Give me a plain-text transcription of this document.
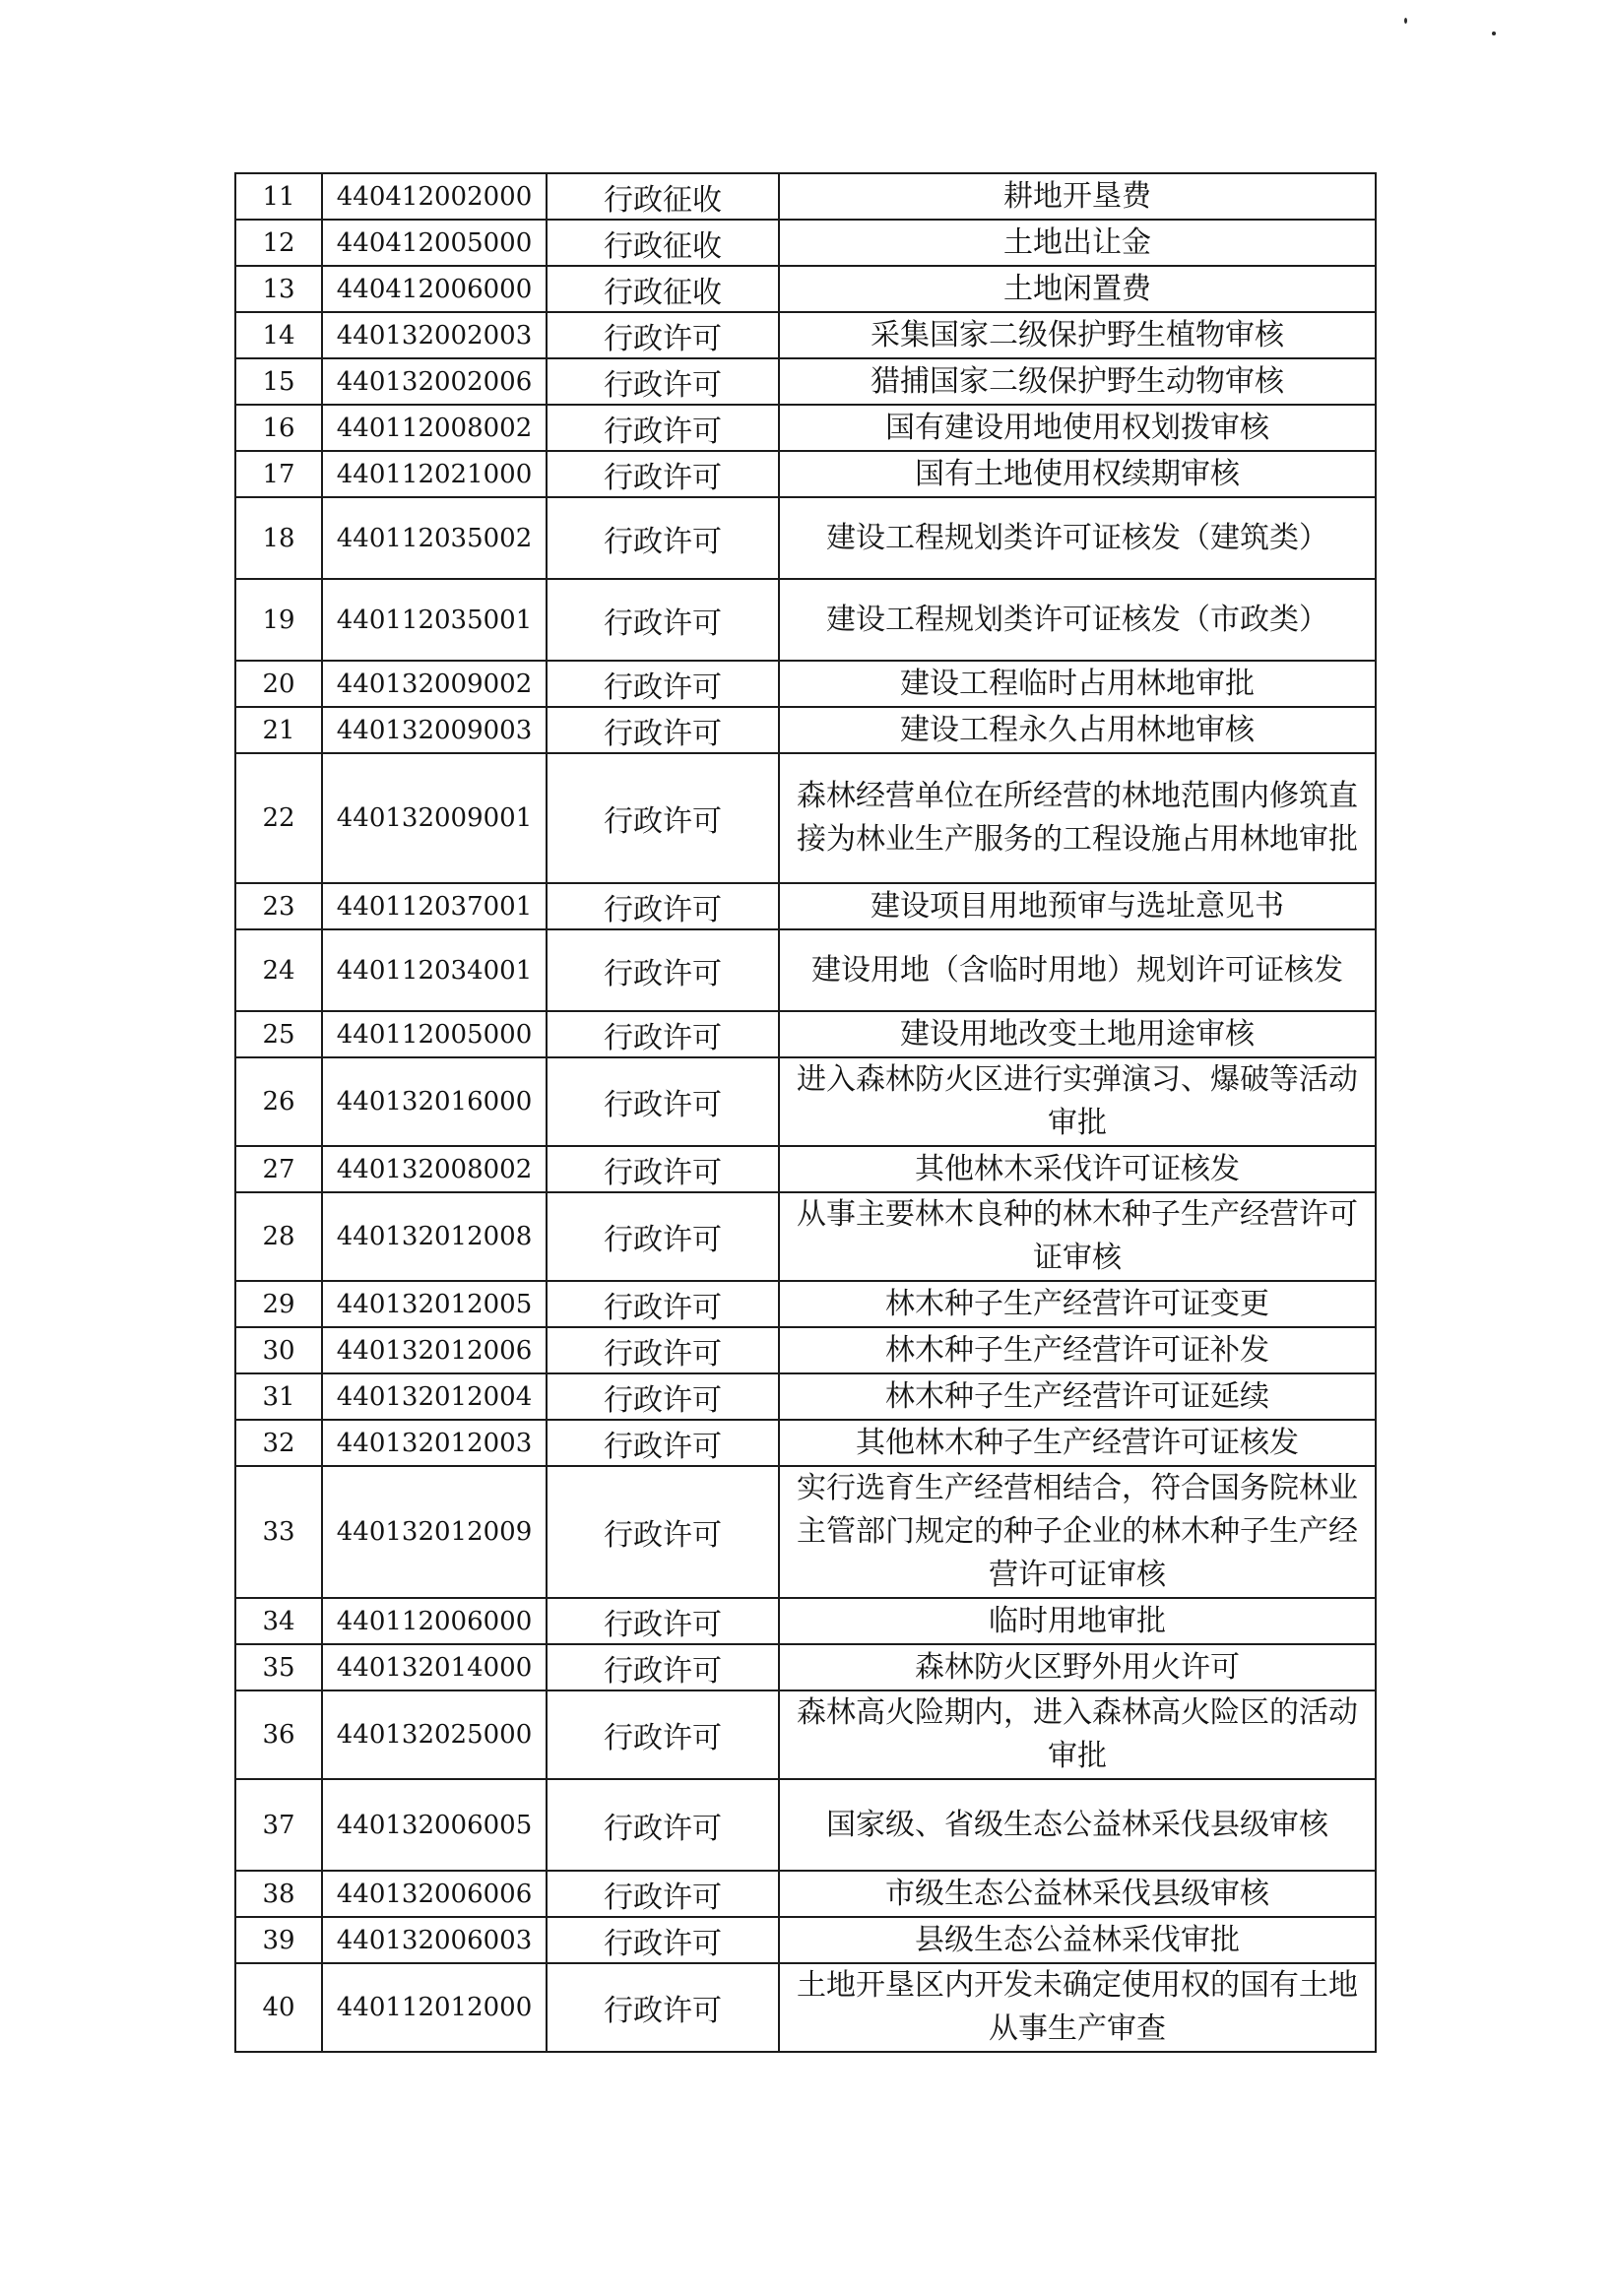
11	440412002000	行政征收	耕地开垦费
12	440412005000	行政征收	土地出让金
13	440412006000	行政征收	土地闲置费
14	440132002003	行政许可	采集国家二级保护野生植物审核
15	440132002006	行政许可	猎捕国家二级保护野生动物审核
16	440112008002	行政许可	国有建设用地使用权划拨审核
17	440112021000	行政许可	国有土地使用权续期审核
18	440112035002	行政许可	建设工程规划类许可证核发（建筑类）
19	440112035001	行政许可	建设工程规划类许可证核发（市政类）
20	440132009002	行政许可	建设工程临时占用林地审批
21	440132009003	行政许可	建设工程永久占用林地审核
22	440132009001	行政许可	森林经营单位在所经营的林地范围内修筑直接为林业生产服务的工程设施占用林地审批
23	440112037001	行政许可	建设项目用地预审与选址意见书
24	440112034001	行政许可	建设用地（含临时用地）规划许可证核发
25	440112005000	行政许可	建设用地改变土地用途审核
26	440132016000	行政许可	进入森林防火区进行实弹演习、爆破等活动审批
27	440132008002	行政许可	其他林木采伐许可证核发
28	440132012008	行政许可	从事主要林木良种的林木种子生产经营许可证审核
29	440132012005	行政许可	林木种子生产经营许可证变更
30	440132012006	行政许可	林木种子生产经营许可证补发
31	440132012004	行政许可	林木种子生产经营许可证延续
32	440132012003	行政许可	其他林木种子生产经营许可证核发
33	440132012009	行政许可	实行选育生产经营相结合，符合国务院林业主管部门规定的种子企业的林木种子生产经营许可证审核
34	440112006000	行政许可	临时用地审批
35	440132014000	行政许可	森林防火区野外用火许可
36	440132025000	行政许可	森林高火险期内，进入森林高火险区的活动审批
37	440132006005	行政许可	国家级、省级生态公益林采伐县级审核
38	440132006006	行政许可	市级生态公益林采伐县级审核
39	440132006003	行政许可	县级生态公益林采伐审批
40	440112012000	行政许可	土地开垦区内开发未确定使用权的国有土地从事生产审查
